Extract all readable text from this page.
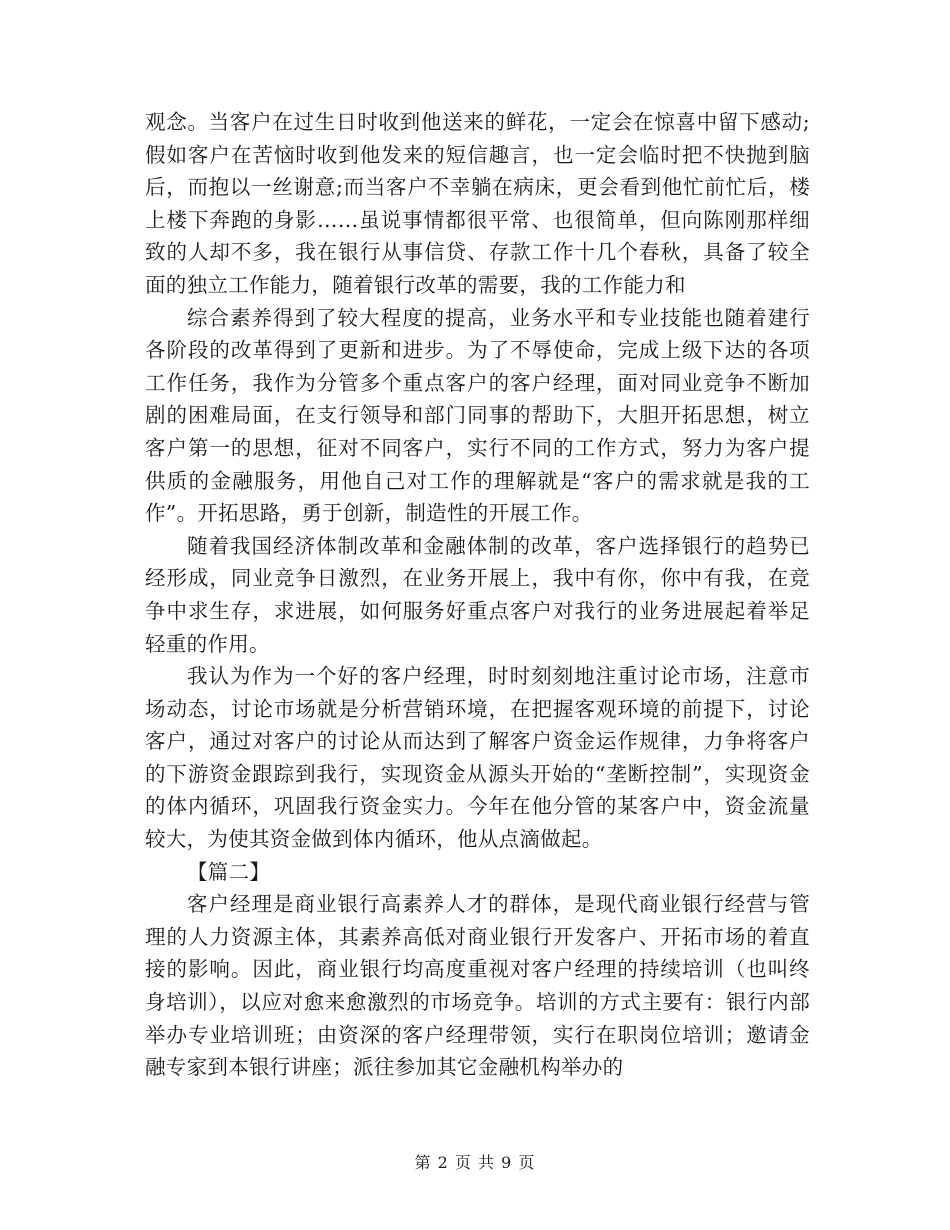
观念。当客户在过生日时收到他送来的鲜花，一定会在惊喜中留下感动;假如客户在苦恼时收到他发来的短信趣言，也一定会临时把不快抛到脑后，而抱以一丝谢意;而当客户不幸躺在病床，更会看到他忙前忙后，楼上楼下奔跑的身影……虽说事情都很平常、也很简单，但向陈刚那样细致的人却不多，我在银行从事信贷、存款工作十几个春秋，具备了较全面的独立工作能力，随着银行改革的需要，我的工作能力和

综合素养得到了较大程度的提高，业务水平和专业技能也随着建行各阶段的改革得到了更新和进步。为了不辱使命，完成上级下达的各项工作任务，我作为分管多个重点客户的客户经理，面对同业竞争不断加剧的困难局面，在支行领导和部门同事的帮助下，大胆开拓思想，树立客户第一的思想，征对不同客户，实行不同的工作方式，努力为客户提供质的金融服务，用他自己对工作的理解就是“客户的需求就是我的工作”。开拓思路，勇于创新，制造性的开展工作。

随着我国经济体制改革和金融体制的改革，客户选择银行的趋势已经形成，同业竞争日激烈，在业务开展上，我中有你，你中有我，在竞争中求生存，求进展，如何服务好重点客户对我行的业务进展起着举足轻重的作用。

我认为作为一个好的客户经理，时时刻刻地注重讨论市场，注意市场动态，讨论市场就是分析营销环境，在把握客观环境的前提下，讨论客户，通过对客户的讨论从而达到了解客户资金运作规律，力争将客户的下游资金跟踪到我行，实现资金从源头开始的“垄断控制”，实现资金的体内循环，巩固我行资金实力。今年在他分管的某客户中，资金流量较大，为使其资金做到体内循环，他从点滴做起。

【篇二】

客户经理是商业银行高素养人才的群体，是现代商业银行经营与管理的人力资源主体，其素养高低对商业银行开发客户、开拓市场的着直接的影响。因此，商业银行均高度重视对客户经理的持续培训（也叫终身培训），以应对愈来愈激烈的市场竞争。培训的方式主要有：银行内部举办专业培训班；由资深的客户经理带领，实行在职岗位培训；邀请金融专家到本银行讲座；派往参加其它金融机构举办的

第 2 页 共 9 页
